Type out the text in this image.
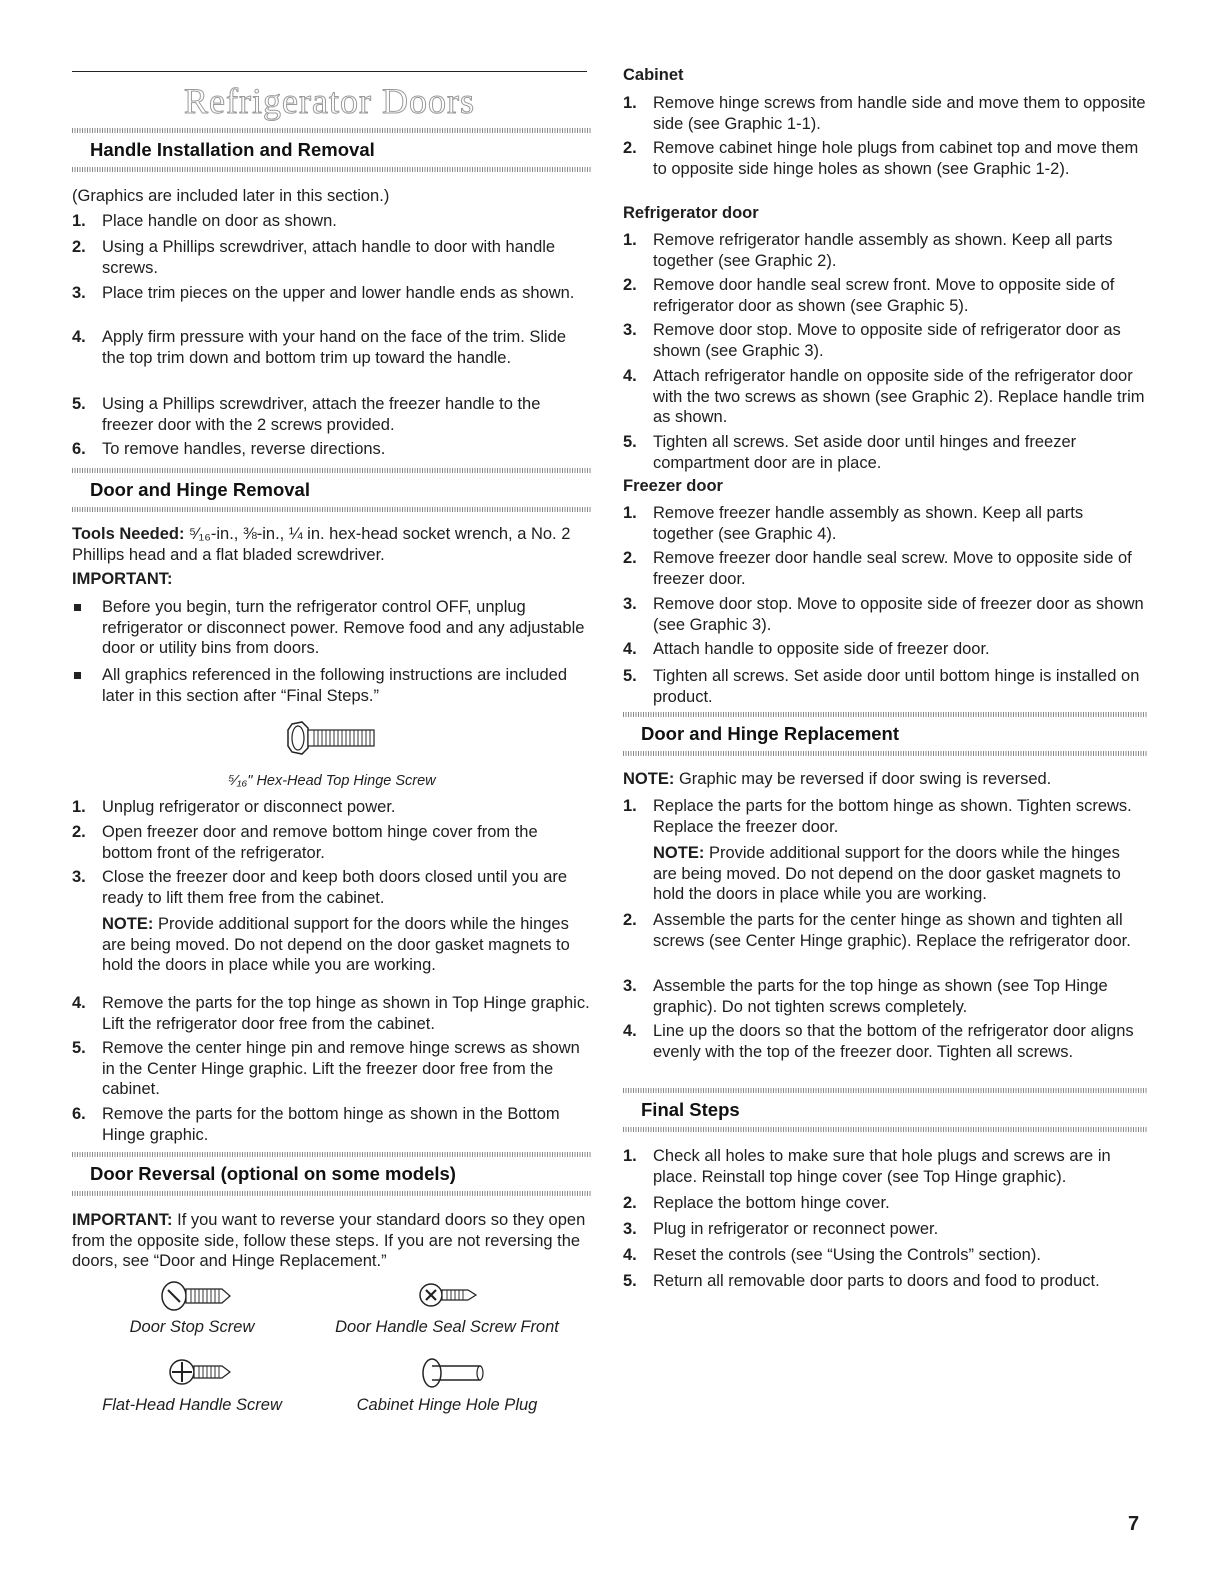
Refrigerator Doors
Handle Installation and Removal

(Graphics are included later in this section.)

1. Place handle on door as shown.
2. Using a Phillips screwdriver, attach handle to door with handle screws.
3. Place trim pieces on the upper and lower handle ends as shown.
4. Apply firm pressure with your hand on the face of the trim. Slide the top trim down and bottom trim up toward the handle.
5. Using a Phillips screwdriver, attach the freezer handle to the freezer door with the 2 screws provided.
6. To remove handles, reverse directions.
Door and Hinge Removal

Tools Needed: ⁵⁄₁₆-in., ⅜-in., ¼ in. hex-head socket wrench, a No. 2 Phillips head and a flat bladed screwdriver.

IMPORTANT:
Before you begin, turn the refrigerator control OFF, unplug refrigerator or disconnect power. Remove food and any adjustable door or utility bins from doors.
All graphics referenced in the following instructions are included later in this section after “Final Steps.”
⁵⁄₁₆" Hex-Head Top Hinge Screw
1. Unplug refrigerator or disconnect power.
2. Open freezer door and remove bottom hinge cover from the bottom front of the refrigerator.
3. Close the freezer door and keep both doors closed until you are ready to lift them free from the cabinet.
NOTE: Provide additional support for the doors while the hinges are being moved. Do not depend on the door gasket magnets to hold the doors in place while you are working.
4. Remove the parts for the top hinge as shown in Top Hinge graphic. Lift the refrigerator door free from the cabinet.
5. Remove the center hinge pin and remove hinge screws as shown in the Center Hinge graphic. Lift the freezer door free from the cabinet.
6. Remove the parts for the bottom hinge as shown in the Bottom Hinge graphic.
Door Reversal (optional on some models)

IMPORTANT: If you want to reverse your standard doors so they open from the opposite side, follow these steps. If you are not reversing the doors, see “Door and Hinge Replacement.”

Door Stop Screw	Door Handle Seal Screw Front
Flat-Head Handle Screw	Cabinet Hinge Hole Plug
Cabinet
1. Remove hinge screws from handle side and move them to opposite side (see Graphic 1-1).
2. Remove cabinet hinge hole plugs from cabinet top and move them to opposite side hinge holes as shown (see Graphic 1-2).
Refrigerator door
1. Remove refrigerator handle assembly as shown. Keep all parts together (see Graphic 2).
2. Remove door handle seal screw front. Move to opposite side of refrigerator door as shown (see Graphic 5).
3. Remove door stop. Move to opposite side of refrigerator door as shown (see Graphic 3).
4. Attach refrigerator handle on opposite side of the refrigerator door with the two screws as shown (see Graphic 2). Replace handle trim as shown.
5. Tighten all screws. Set aside door until hinges and freezer compartment door are in place.
Freezer door
1. Remove freezer handle assembly as shown. Keep all parts together (see Graphic 4).
2. Remove freezer door handle seal screw. Move to opposite side of freezer door.
3. Remove door stop. Move to opposite side of freezer door as shown (see Graphic 3).
4. Attach handle to opposite side of freezer door.
5. Tighten all screws. Set aside door until bottom hinge is installed on product.
Door and Hinge Replacement

NOTE: Graphic may be reversed if door swing is reversed.

1. Replace the parts for the bottom hinge as shown. Tighten screws. Replace the freezer door.
NOTE: Provide additional support for the doors while the hinges are being moved. Do not depend on the door gasket magnets to hold the doors in place while you are working.
2. Assemble the parts for the center hinge as shown and tighten all screws (see Center Hinge graphic). Replace the refrigerator door.
3. Assemble the parts for the top hinge as shown (see Top Hinge graphic). Do not tighten screws completely.
4. Line up the doors so that the bottom of the refrigerator door aligns evenly with the top of the freezer door. Tighten all screws.
Final Steps
1. Check all holes to make sure that hole plugs and screws are in place. Reinstall top hinge cover (see Top Hinge graphic).
2. Replace the bottom hinge cover.
3. Plug in refrigerator or reconnect power.
4. Reset the controls (see “Using the Controls” section).
5. Return all removable door parts to doors and food to product.
7
